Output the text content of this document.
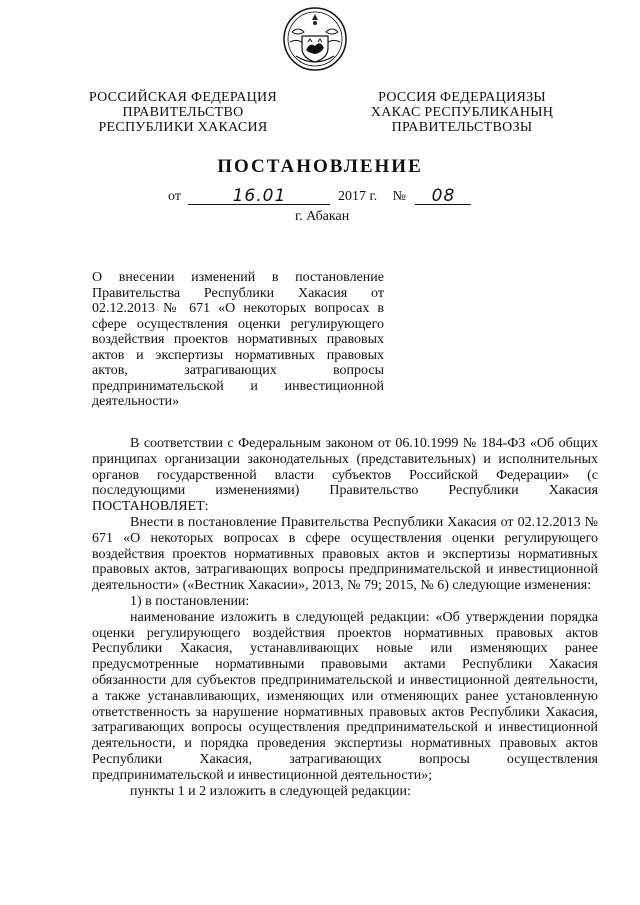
РОССИЙСКАЯ ФЕДЕРАЦИЯ
ПРАВИТЕЛЬСТВО
РЕСПУБЛИКИ ХАКАСИЯ
РОССИЯ ФЕДЕРАЦИЯЗЫ
ХАКАС РЕСПУБЛИКАНЫҢ
ПРАВИТЕЛЬСТВОЗЫ
ПОСТАНОВЛЕНИЕ
от	16.01	2017 г. №	08
г. Абакан
О внесении изменений в постановление Правительства Республики Хакасия от 02.12.2013 № 671 «О некоторых вопросах в сфере осуществления оценки регулирующего воздействия проектов нормативных правовых актов и экспертизы нормативных правовых актов, затрагивающих вопросы предпринимательской и инвестиционной деятельности»

В соответствии с Федеральным законом от 06.10.1999 № 184-ФЗ «Об общих принципах организации законодательных (представительных) и исполнительных органов государственной власти субъектов Российской Федерации» (с последующими изменениями) Правительство Республики Хакасия ПОСТАНОВЛЯЕТ:

Внести в постановление Правительства Республики Хакасия от 02.12.2013 № 671 «О некоторых вопросах в сфере осуществления оценки регулирующего воздействия проектов нормативных правовых актов и экспертизы нормативных правовых актов, затрагивающих вопросы предпринимательской и инвестиционной деятельности» («Вестник Хакасии», 2013, № 79; 2015, № 6) следующие изменения:

1) в постановлении:

наименование изложить в следующей редакции: «Об утверждении порядка оценки регулирующего воздействия проектов нормативных правовых актов Республики Хакасия, устанавливающих новые или изменяющих ранее предусмотренные нормативными правовыми актами Республики Хакасия обязанности для субъектов предпринимательской и инвестиционной деятельности, а также устанавливающих, изменяющих или отменяющих ранее установленную ответственность за нарушение нормативных правовых актов Республики Хакасия, затрагивающих вопросы осуществления предпринимательской и инвестиционной деятельности, и порядка проведения экспертизы нормативных правовых актов Республики Хакасия, затрагивающих вопросы осуществления предпринимательской и инвестиционной деятельности»;

пункты 1 и 2 изложить в следующей редакции:
